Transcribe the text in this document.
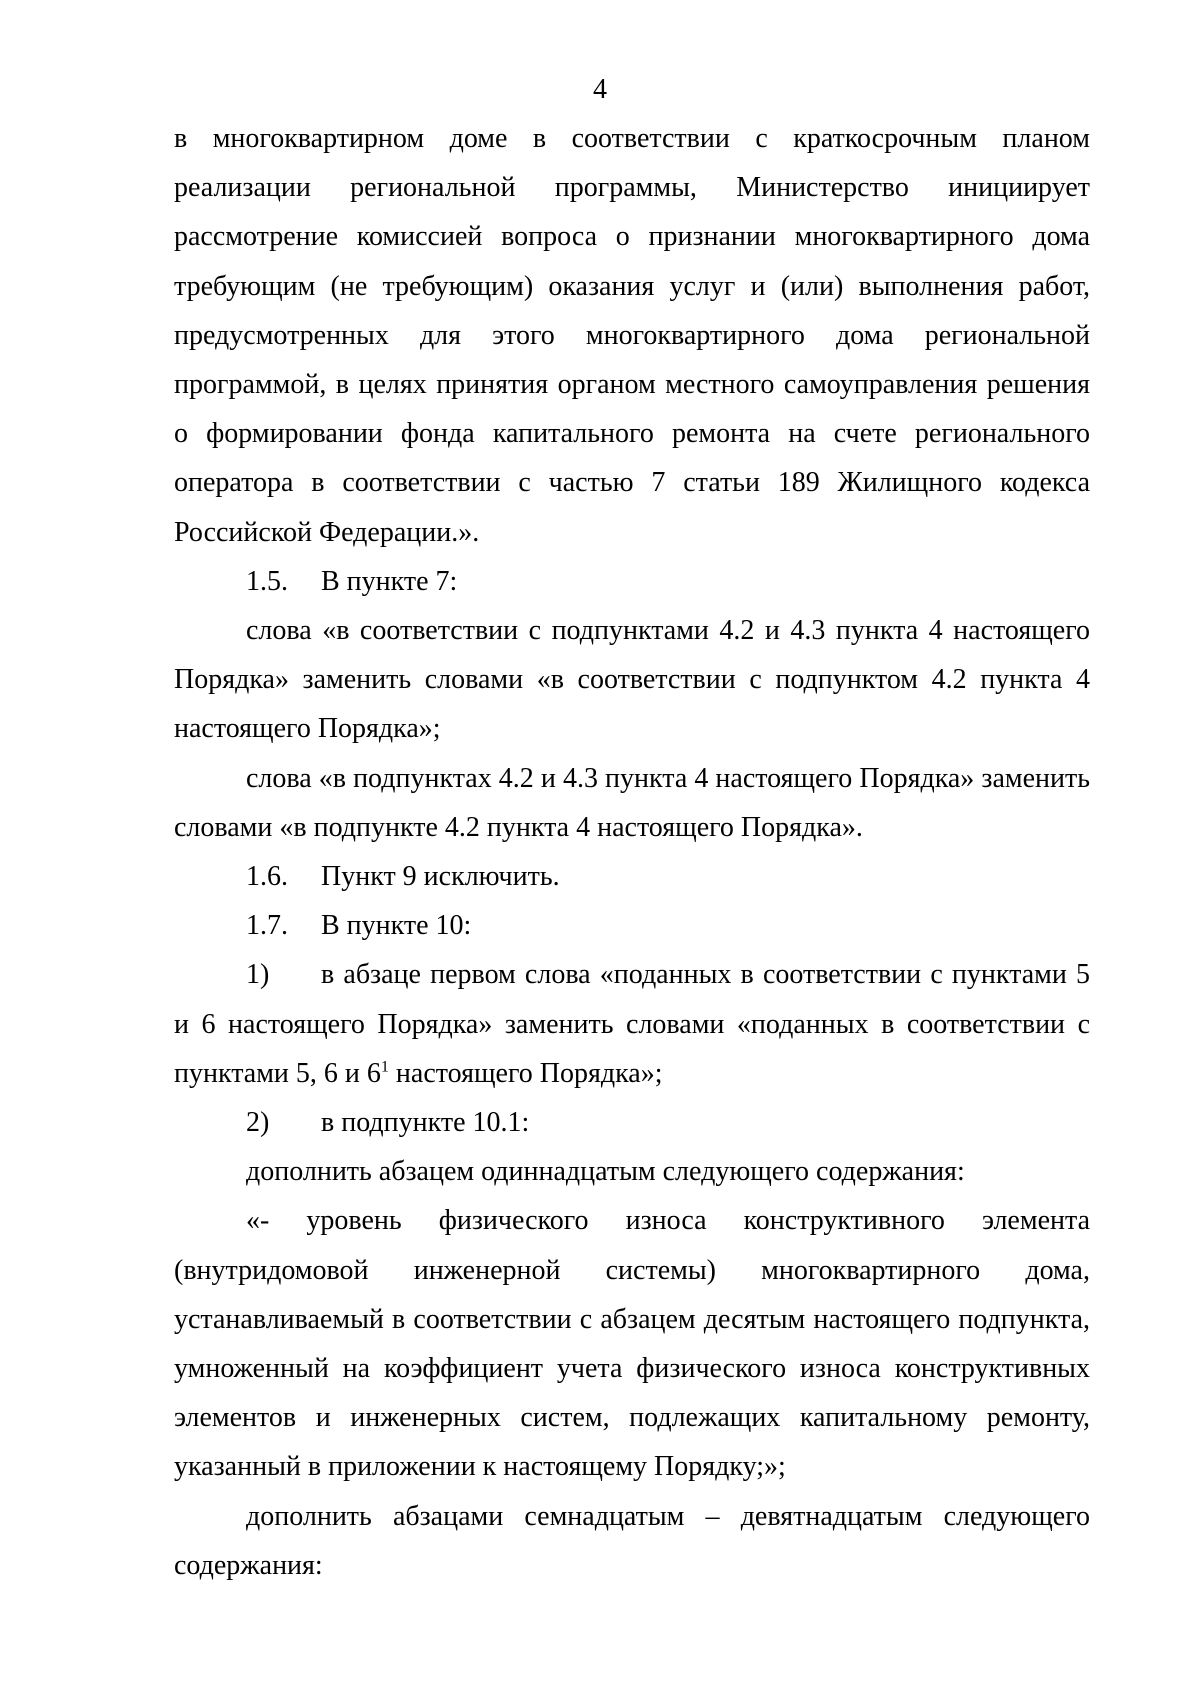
4

в многоквартирном доме в соответствии с краткосрочным планом реализации региональной программы, Министерство инициирует рассмотрение комиссией вопроса о признании многоквартирного дома требующим (не требующим) оказания услуг и (или) выполнения работ, предусмотренных для этого многоквартирного дома региональной программой, в целях принятия органом местного самоуправления решения о формировании фонда капитального ремонта на счете регионального оператора в соответствии с частью 7 статьи 189 Жилищного кодекса Российской Федерации.».

1.5. В пункте 7:

слова «в соответствии с подпунктами 4.2 и 4.3 пункта 4 настоящего Порядка» заменить словами «в соответствии с подпунктом 4.2 пункта 4 настоящего Порядка»;

слова «в подпунктах 4.2 и 4.3 пункта 4 настоящего Порядка» заменить словами «в подпункте 4.2 пункта 4 настоящего Порядка».

1.6. Пункт 9 исключить.

1.7. В пункте 10:

1) в абзаце первом слова «поданных в соответствии с пунктами 5 и 6 настоящего Порядка» заменить словами «поданных в соответствии с пунктами 5, 6 и $6^1$ настоящего Порядка»;

2) в подпункте 10.1:

дополнить абзацем одиннадцатым следующего содержания:

«- уровень физического износа конструктивного элемента (внутридомовой инженерной системы) многоквартирного дома, устанавливаемый в соответствии с абзацем десятым настоящего подпункта, умноженный на коэффициент учета физического износа конструктивных элементов и инженерных систем, подлежащих капитальному ремонту, указанный в приложении к настоящему Порядку;»;

дополнить абзацами семнадцатым – девятнадцатым следующего содержания:
